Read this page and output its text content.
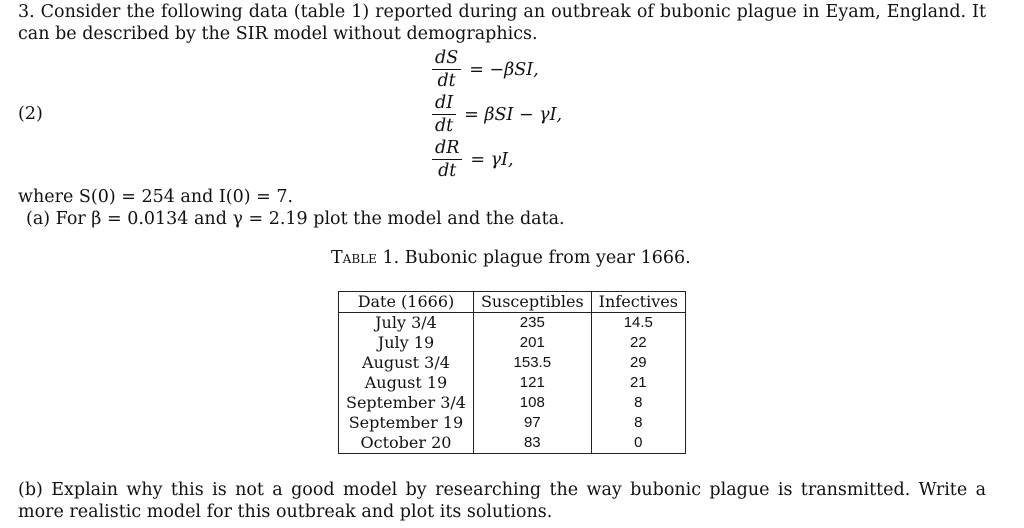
3. Consider the following data (table 1) reported during an outbreak of bubonic plague in Eyam, England. It can be described by the SIR model without demographics.

(2)
$\frac{dS}{dt} = -\beta SI$,
$\frac{dI}{dt} = \beta SI - \gamma I$,
$\frac{dR}{dt} = \gamma I$,
where S(0) = 254 and I(0) = 7.
(a) For β = 0.0134 and γ = 2.19 plot the model and the data.
Table 1. Bubonic plague from year 1666.
Date (1666)	Susceptibles	Infectives
July 3/4	235	14.5
July 19	201	22
August 3/4	153.5	29
August 19	121	21
September 3/4	108	8
September 19	97	8
October 20	83	0

(b) Explain why this is not a good model by researching the way bubonic plague is transmitted. Write a more realistic model for this outbreak and plot its solutions.
